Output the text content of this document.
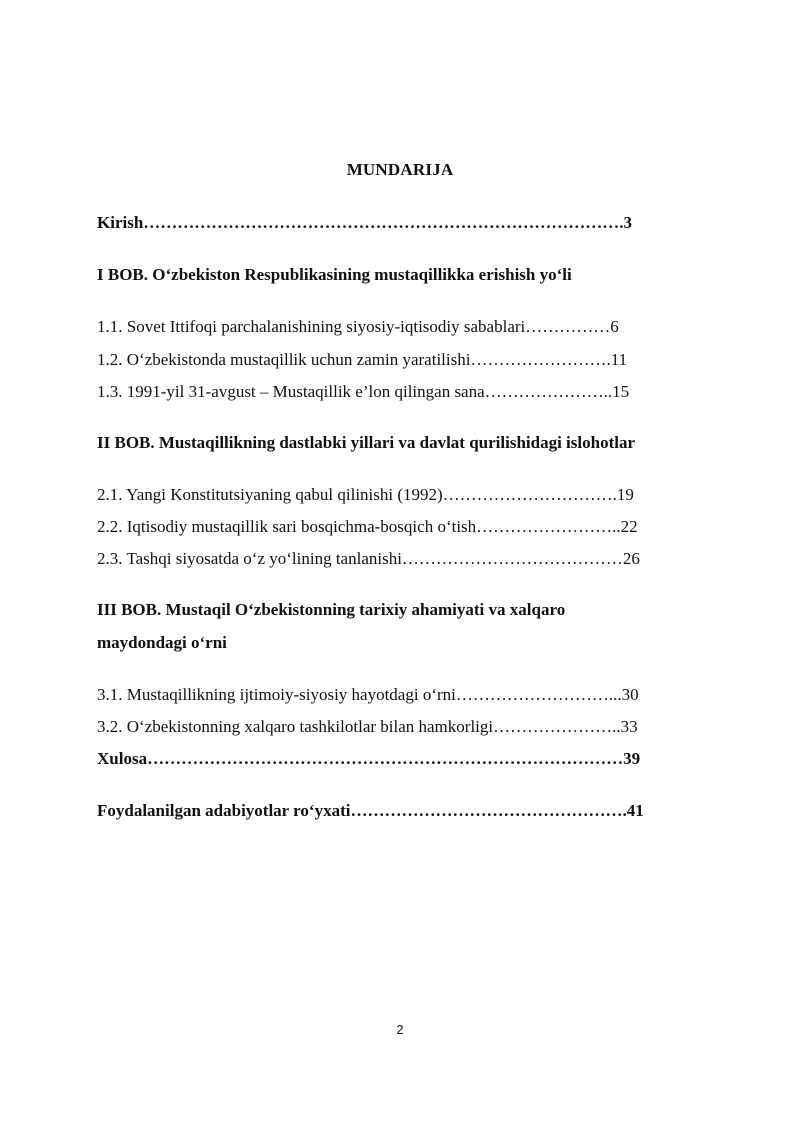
MUNDARIJA
Kirish………………………………………………………………………….3
I BOB. O‘zbekiston Respublikasining mustaqillikka erishish yo‘li
1.1. Sovet Ittifoqi parchalanishining siyosiy-iqtisodiy sabablari……………6
1.2. O‘zbekistonda mustaqillik uchun zamin yaratilishi…………………….11
1.3. 1991-yil 31-avgust – Mustaqillik e’lon qilingan sana…………………..15
II BOB. Mustaqillikning dastlabki yillari va davlat qurilishidagi islohotlar
2.1. Yangi Konstitutsiyaning qabul qilinishi (1992)………………………….19
2.2. Iqtisodiy mustaqillik sari bosqichma-bosqich o‘tish……………………..22
2.3. Tashqi siyosatda o‘z yo‘lining tanlanishi…………………………………26
III BOB. Mustaqil O‘zbekistonning tarixiy ahamiyati va xalqaro
maydondagi o‘rni
3.1. Mustaqillikning ijtimoiy-siyosiy hayotdagi o‘rni………………………...30
3.2. O‘zbekistonning xalqaro tashkilotlar bilan hamkorligi…………………..33
Xulosa…………………………………………………………………………39
Foydalanilgan adabiyotlar ro‘yxati………………………………………….41
2
